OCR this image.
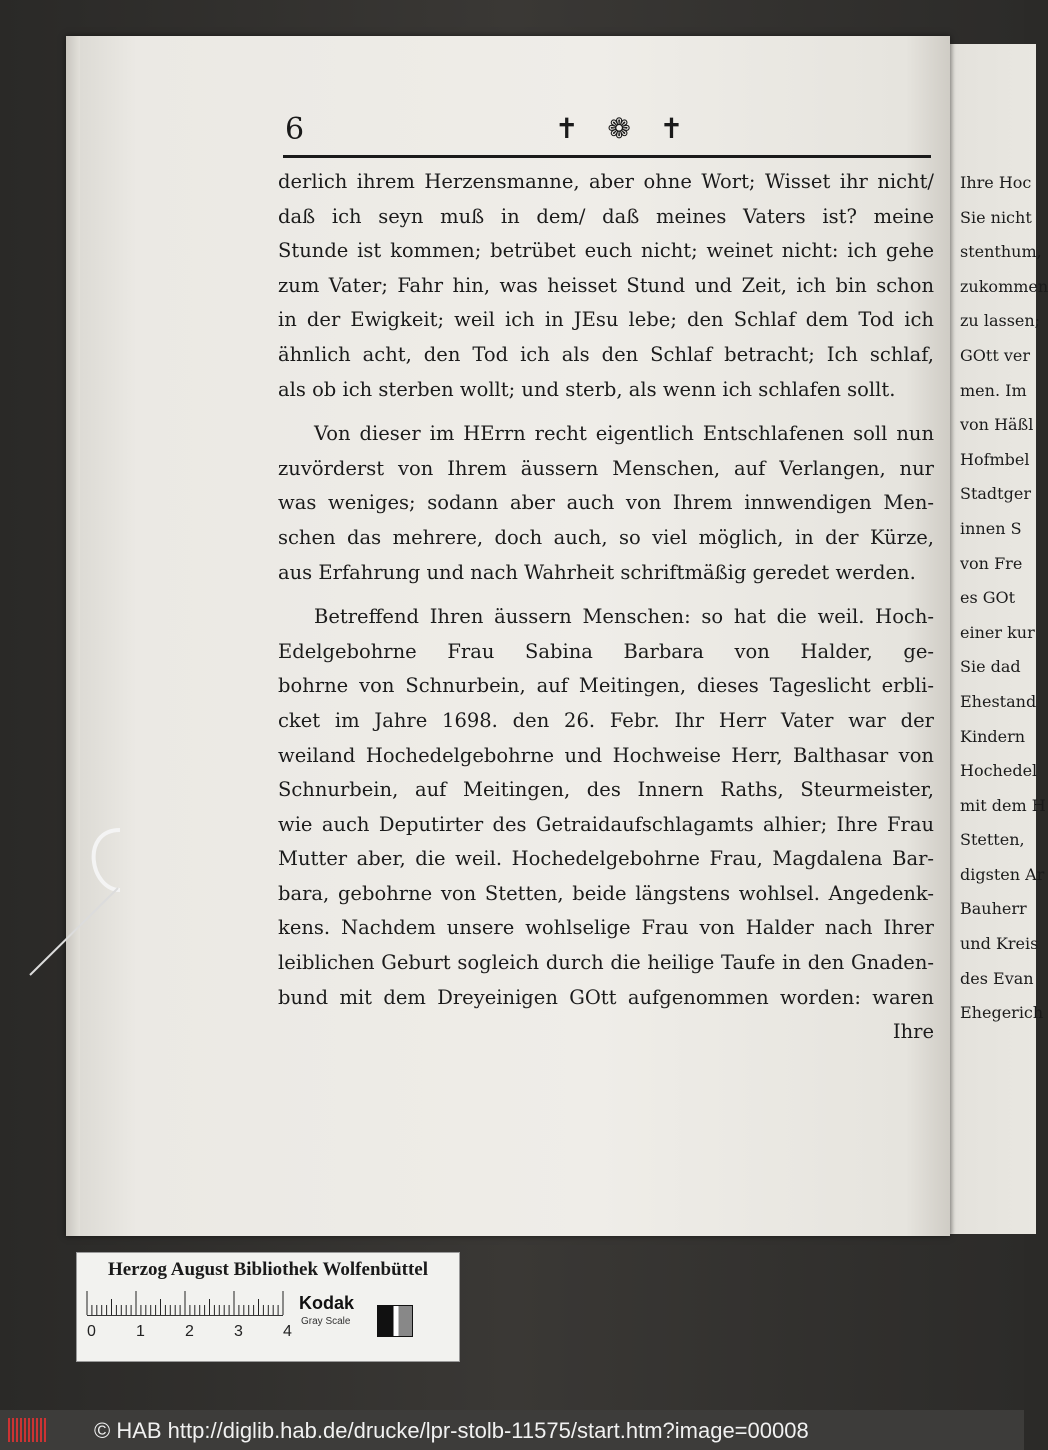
Ihre Hoc
Sie nicht
stenthum,
zukommen
zu lassen;
GOtt ver
men. Im
von Häßl
Hofmbel
Stadtger
innen S
von Fre
es GOt
einer kur
Sie dad
Ehestand
Kindern
Hochedel
mit dem H
Stetten,
digsten Ar
Bauherr
und Kreis
des Evan
Ehegerich
6	✝ ❁ ✝
derlich ihrem Herzensmanne, aber ohne Wort; Wisset ihr nicht/
daß ich seyn muß in dem/ daß meines Vaters ist? meine
Stunde ist kommen; betrübet euch nicht; weinet nicht: ich gehe
zum Vater; Fahr hin, was heisset Stund und Zeit, ich bin schon
in der Ewigkeit; weil ich in JEsu lebe; den Schlaf dem Tod ich
ähnlich acht, den Tod ich als den Schlaf betracht; Ich schlaf,
als ob ich sterben wollt; und sterb, als wenn ich schlafen sollt.
Von dieser im HErrn recht eigentlich Entschlafenen soll nun
zuvörderst von Ihrem äussern Menschen, auf Verlangen, nur
was weniges; sodann aber auch von Ihrem innwendigen Men-
schen das mehrere, doch auch, so viel möglich, in der Kürze,
aus Erfahrung und nach Wahrheit schriftmäßig geredet werden.
Betreffend Ihren äussern Menschen: so hat die weil. Hoch-
Edelgebohrne Frau Sabina Barbara von Halder, ge-
bohrne von Schnurbein, auf Meitingen, dieses Tageslicht erbli-
cket im Jahre 1698. den 26. Febr. Ihr Herr Vater war der
weiland Hochedelgebohrne und Hochweise Herr, Balthasar von
Schnurbein, auf Meitingen, des Innern Raths, Steurmeister,
wie auch Deputirter des Getraidaufschlagamts alhier; Ihre Frau
Mutter aber, die weil. Hochedelgebohrne Frau, Magdalena Bar-
bara, gebohrne von Stetten, beide längstens wohlsel. Angedenk-
kens. Nachdem unsere wohlselige Frau von Halder nach Ihrer
leiblichen Geburt sogleich durch die heilige Taufe in den Gnaden-
bund mit dem Dreyeinigen GOtt aufgenommen worden: waren
Ihre
Herzog August Bibliothek Wolfenbüttel
0	1	2	3	4
Kodak
Gray Scale
© HAB http://diglib.hab.de/drucke/lpr-stolb-11575/start.htm?image=00008
